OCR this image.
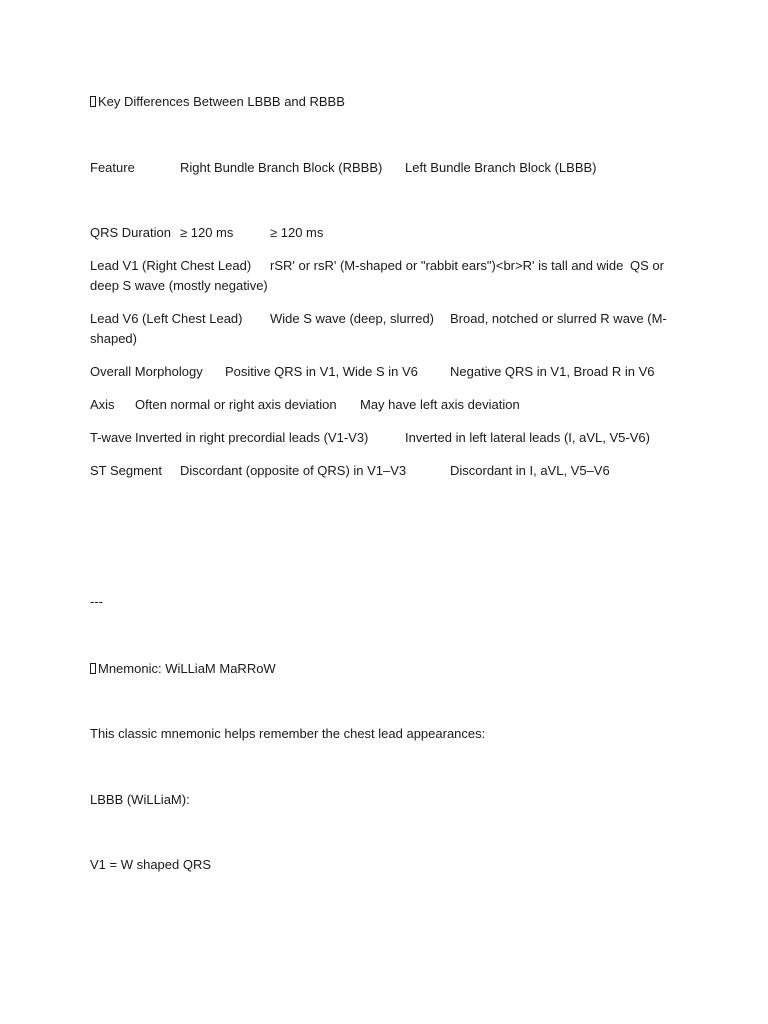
Key Differences Between LBBB and RBBB
Feature	Right Bundle Branch Block (RBBB)	Left Bundle Branch Block (LBBB)
QRS Duration	≥ 120 ms	≥ 120 ms
Lead V1 (Right Chest Lead)	rSR' or rsR' (M-shaped or "rabbit ears")<br>R' is tall and wide	QS or deep S wave (mostly negative)
Lead V6 (Left Chest Lead)	Wide S wave (deep, slurred)	Broad, notched or slurred R wave (M-shaped)
Overall Morphology	Positive QRS in V1, Wide S in V6	Negative QRS in V1, Broad R in V6
Axis	Often normal or right axis deviation	May have left axis deviation
T-wave	Inverted in right precordial leads (V1-V3)	Inverted in left lateral leads (I, aVL, V5-V6)
ST Segment	Discordant (opposite of QRS) in V1–V3	Discordant in I, aVL, V5–V6
---
Mnemonic: WiLLiaM MaRRoW
This classic mnemonic helps remember the chest lead appearances:
LBBB (WiLLiaM):
V1 = W shaped QRS
